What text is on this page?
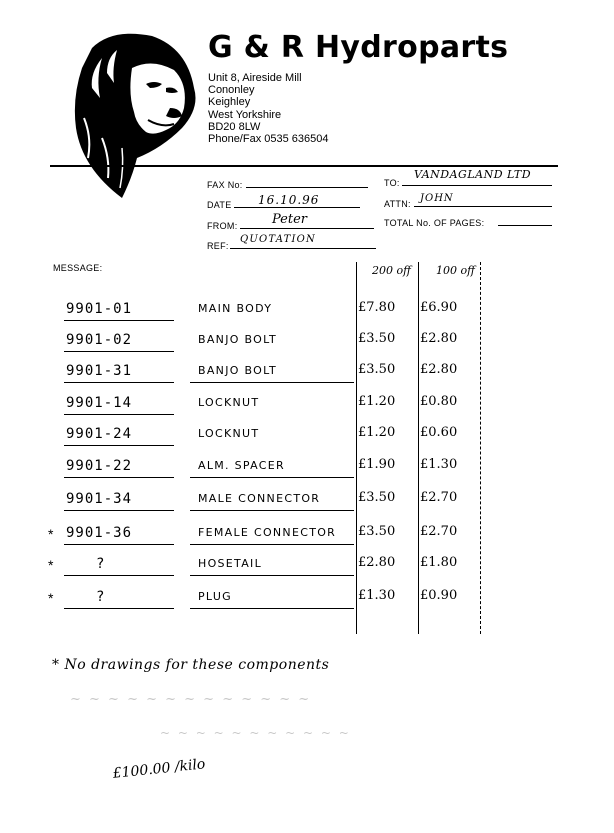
G & R Hydroparts
Unit 8, Aireside Mill
Cononley
Keighley
West Yorkshire
BD20 8LW
Phone/Fax 0535 636504
FAX No:	TO:
VANDAGLAND LTD
DATE 16.10.96	ATTN: JOHN
FROM:	Peter	TOTAL No. OF PAGES:
REF:
QUOTATION
MESSAGE:	200 off 100 off
9901-01	MAIN BODY	£7.80 £6.90
9901-02	BANJO BOLT	£3.50 £2.80
9901-31	BANJO BOLT	£3.50 £2.80
9901-14	LOCKNUT	£1.20 £0.80
9901-24	LOCKNUT	£1.20 £0.60
9901-22	ALM. SPACER	£1.90 £1.30
9901-34	MALE CONNECTOR	£3.50 £2.70
* 9901-36	FEMALE CONNECTOR £3.50 £2.70
*	?	HOSETAIL	£2.80 £1.80
*	?	PLUG	£1.30 £0.90
* No drawings for these components
~ ~ ~ ~ ~ ~ ~ ~ ~ ~ ~ ~ ~
~ ~ ~ ~ ~ ~ ~ ~ ~ ~ ~
£100.00 /kilo
